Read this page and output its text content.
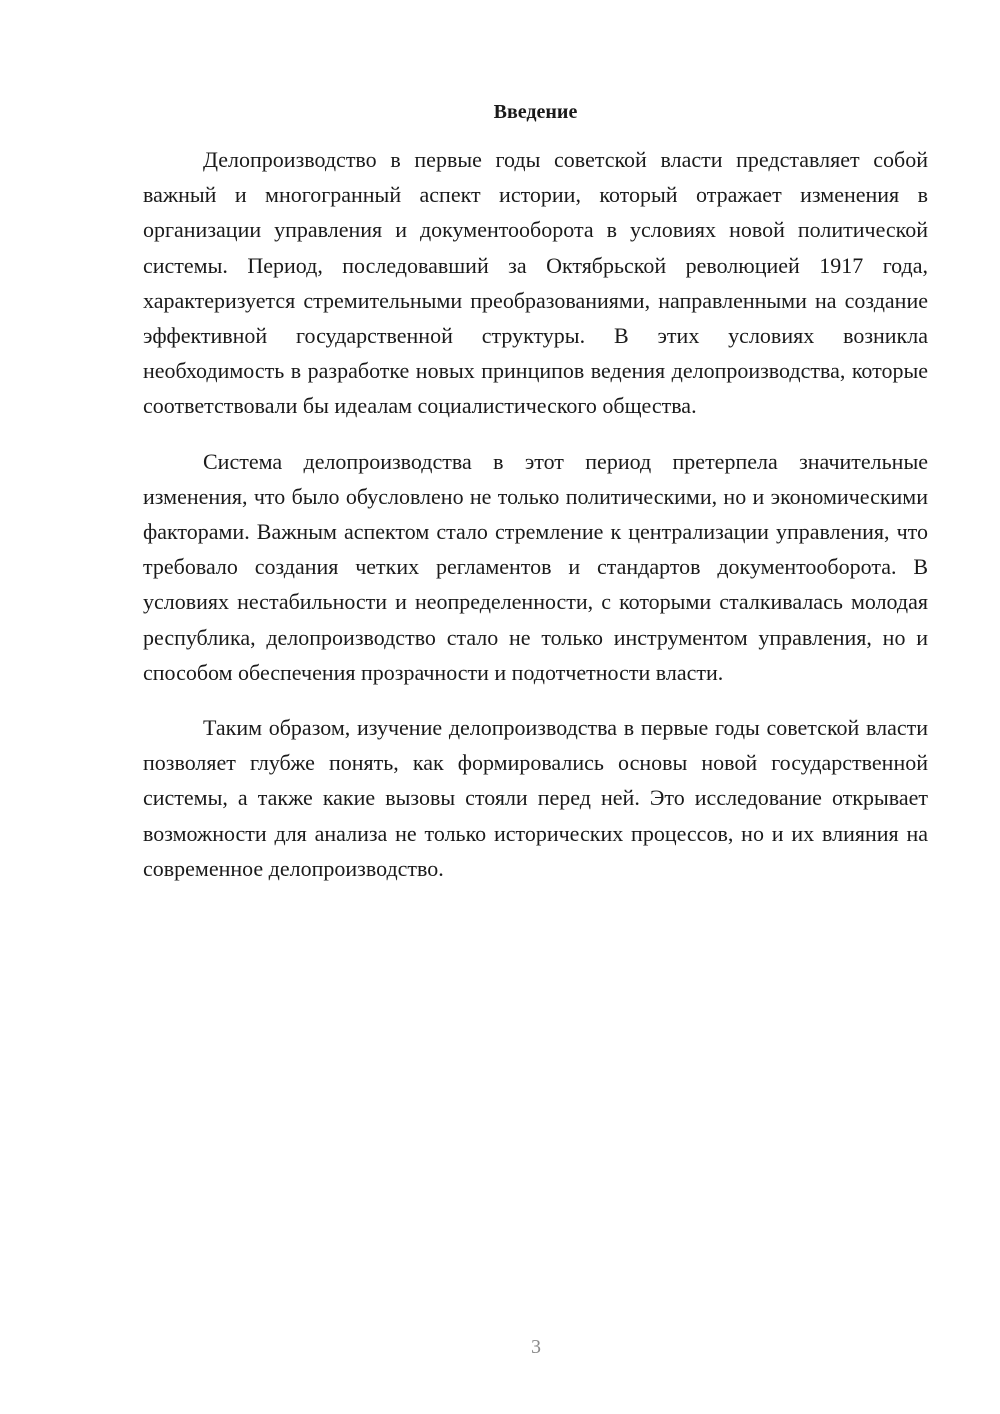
Введение

Делопроизводство в первые годы советской власти представляет собой важный и многогранный аспект истории, который отражает изменения в организации управления и документооборота в условиях новой политической системы. Период, последовавший за Октябрьской революцией 1917 года, характеризуется стремительными преобразованиями, направленными на создание эффективной государственной структуры. В этих условиях возникла необходимость в разработке новых принципов ведения делопроизводства, которые соответствовали бы идеалам социалистического общества.

Система делопроизводства в этот период претерпела значительные изменения, что было обусловлено не только политическими, но и экономическими факторами. Важным аспектом стало стремление к централизации управления, что требовало создания четких регламентов и стандартов документооборота. В условиях нестабильности и неопределенности, с которыми сталкивалась молодая республика, делопроизводство стало не только инструментом управления, но и способом обеспечения прозрачности и подотчетности власти.

Таким образом, изучение делопроизводства в первые годы советской власти позволяет глубже понять, как формировались основы новой государственной системы, а также какие вызовы стояли перед ней. Это исследование открывает возможности для анализа не только исторических процессов, но и их влияния на современное делопроизводство.

3
